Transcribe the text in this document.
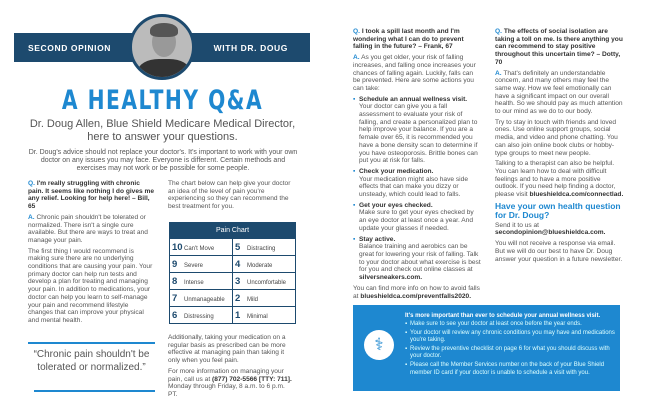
SECOND OPINION	WITH DR. DOUG
A HEALTHY Q&A
Dr. Doug Allen, Blue Shield Medicare Medical Director, here to answer your questions.
Dr. Doug's advice should not replace your doctor's. It's important to work with your own doctor on any issues you may face. Everyone is different. Certain methods and exercises may not work or be possible for some people.

Q. I'm really struggling with chronic pain. It seems like nothing I do gives me any relief. Looking for help here! – Bill, 65

A. Chronic pain shouldn't be tolerated or normalized. There isn't a single cure available. But there are ways to treat and manage your pain.

The first thing I would recommend is making sure there are no underlying conditions that are causing your pain. Your primary doctor can help run tests and develop a plan for treating and managing your pain. In addition to medications, your doctor can help you learn to self-manage your pain and recommend lifestyle changes that can improve your physical and mental health.

“Chronic pain shouldn't be tolerated or normalized.”

The chart below can help give your doctor an idea of the level of pain you're experiencing so they can recommend the best treatment for you.

Pain Chart	
10Can't Move	5 Distracting
9 Severe	4 Moderate
8 Intense	3 Uncomfortable
7 Unmanageable	2 Mild
6 Distressing	1 Minimal

Additionally, taking your medication on a regular basis as prescribed can be more effective at managing pain than taking it only when you feel pain.

For more information on managing your pain, call us at (877) 702-5566 [TTY: 711]. Monday through Friday, 8 a.m. to 6 p.m. PT.

Q. I took a spill last month and I'm wondering what I can do to prevent falling in the future? – Frank, 67

A. As you get older, your risk of falling increases, and falling once increases your chances of falling again. Luckily, falls can be prevented. Here are some actions you can take:

▪ Schedule an annual wellness visit.
Your doctor can give you a fall assessment to evaluate your risk of falling, and create a personalized plan to help improve your balance. If you are a female over 65, it is recommended you have a bone density scan to determine if you have osteoporosis. Brittle bones can put you at risk for falls.
▪ Check your medication.
Your medication might also have side effects that can make you dizzy or unsteady, which could lead to falls.
▪ Get your eyes checked.
Make sure to get your eyes checked by an eye doctor at least once a year. And update your glasses if needed.
▪ Stay active.
Balance training and aerobics can be great for lowering your risk of falling. Talk to your doctor about what exercise is best for you and check out online classes at silversneakers.com.

You can find more info on how to avoid falls at blueshieldca.com/preventfalls2020.

Q. The effects of social isolation are taking a toll on me. Is there anything you can recommend to stay positive throughout this uncertain time? – Dotty, 70

A. That's definitely an understandable concern, and many others may feel the same way. How we feel emotionally can have a significant impact on our overall health. So we should pay as much attention to our mind as we do to our body.

Try to stay in touch with friends and loved ones. Use online support groups, social media, and video and phone chatting. You can also join online book clubs or hobby-type groups to meet new people.

Talking to a therapist can also be helpful. You can learn how to deal with difficult feelings and to have a more positive outlook. If you need help finding a doctor, please visit blueshieldca.com/connectlad.

Have your own health question for Dr. Doug?

Send it to us at secondopinion@blueshieldca.com.

You will not receive a response via email. But we will do our best to have Dr. Doug answer your question in a future newsletter.

⚕
It's more important than ever to schedule your annual wellness visit.
▪ Make sure to see your doctor at least once before the year ends.
▪ Your doctor will review any chronic conditions you may have and medications you're taking.
▪ Review the preventive checklist on page 6 for what you should discuss with your doctor.
▪ Please call the Member Services number on the back of your Blue Shield member ID card if your doctor is unable to schedule a visit with you.
